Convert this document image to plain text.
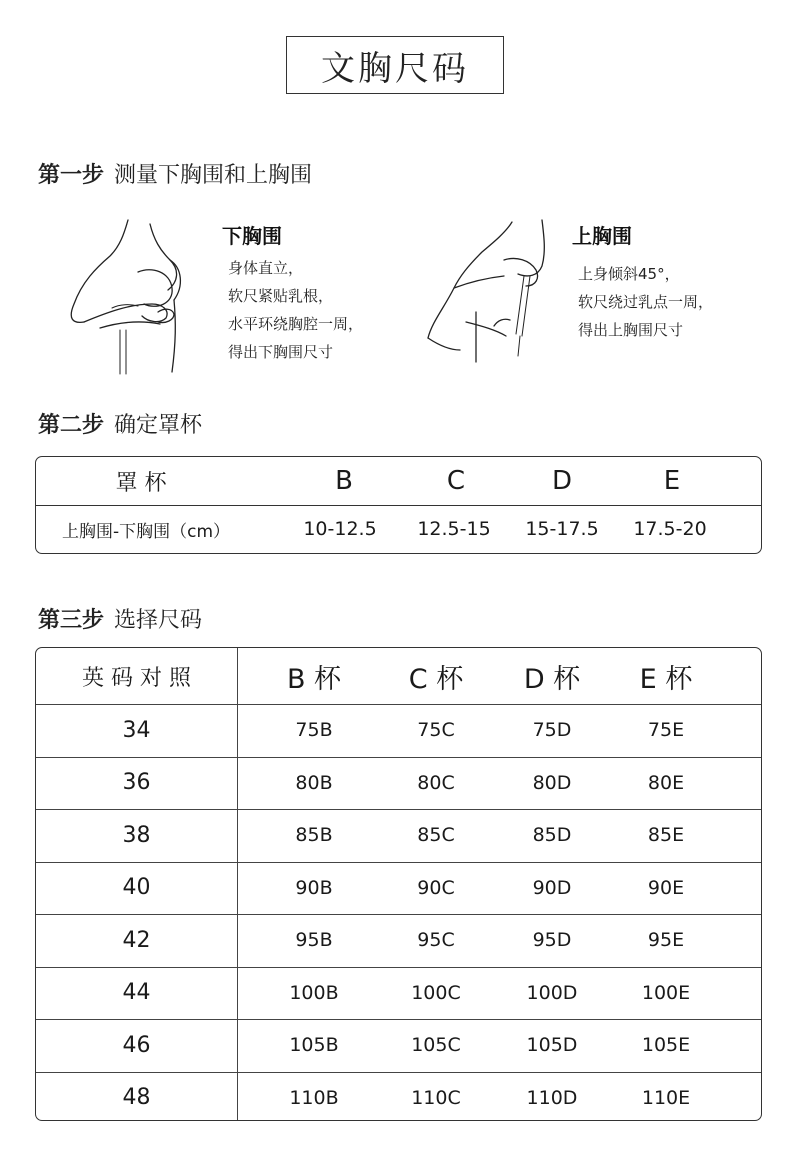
文胸尺码
第一步 测量下胸围和上胸围
下胸围
身体直立，
软尺紧贴乳根，
水平环绕胸腔一周，
得出下胸围尺寸
上胸围
上身倾斜45°，
软尺绕过乳点一周，
得出上胸围尺寸
第二步 确定罩杯
罩 杯	B	C	D	E
上胸围-下胸围（cm）	10-12.5	12.5-15	15-17.5	17.5-20
第三步 选择尺码
英 码 对 照	B 杯	C 杯	D 杯	E 杯
34	75B	75C	75D	75E
36	80B	80C	80D	80E
38	85B	85C	85D	85E
40	90B	90C	90D	90E
42	95B	95C	95D	95E
44	100B	100C	100D	100E
46	105B	105C	105D	105E
48	110B	110C	110D	110E
